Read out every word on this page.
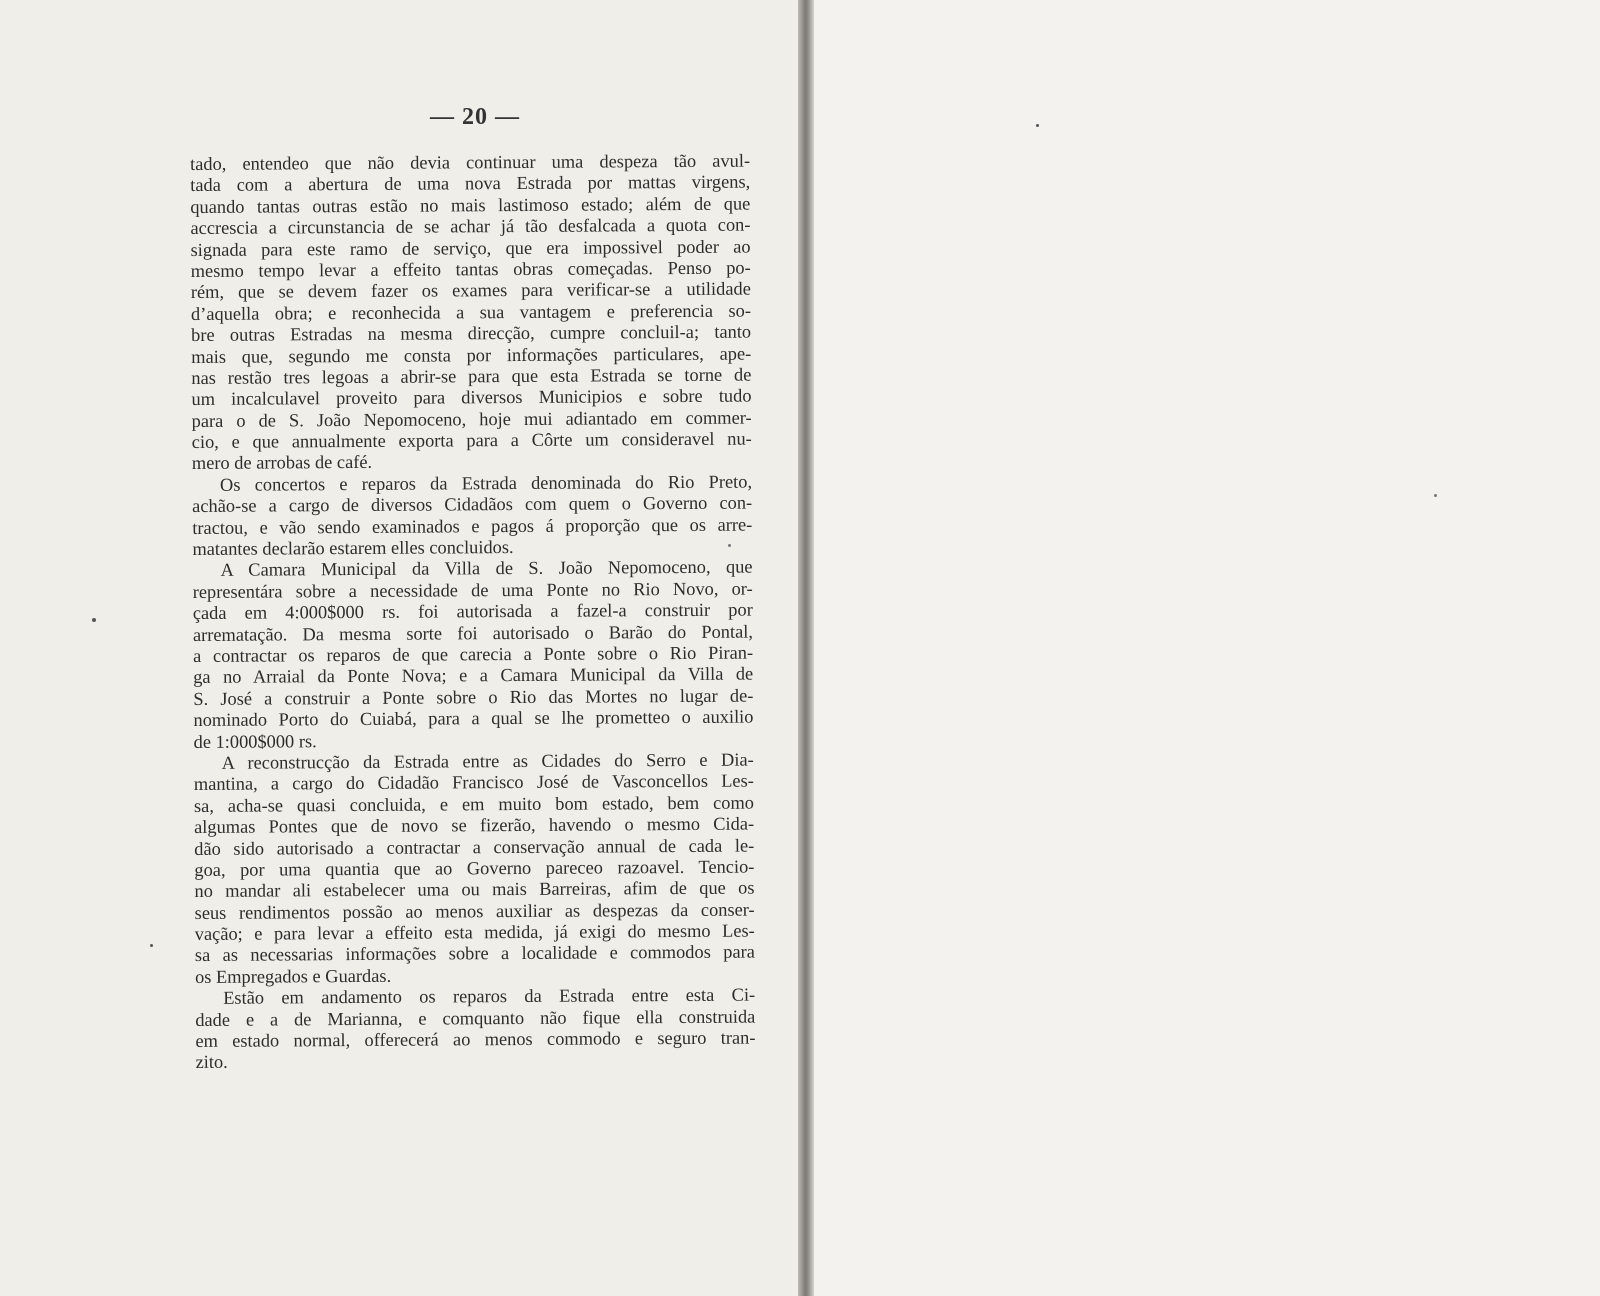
— 20 —
tado, entendeo que não devia continuar uma despeza tão avul-
tada com a abertura de uma nova Estrada por mattas virgens,
quando tantas outras estão no mais lastimoso estado; além de que
accrescia a circunstancia de se achar já tão desfalcada a quota con-
signada para este ramo de serviço, que era impossivel poder ao
mesmo tempo levar a effeito tantas obras começadas. Penso po-
rém, que se devem fazer os exames para verificar-se a utilidade
d’aquella obra; e reconhecida a sua vantagem e preferencia so-
bre outras Estradas na mesma direcção, cumpre concluil-a; tanto
mais que, segundo me consta por informações particulares, ape-
nas restão tres legoas a abrir-se para que esta Estrada se torne de
um incalculavel proveito para diversos Municipios e sobre tudo
para o de S. João Nepomoceno, hoje mui adiantado em commer-
cio, e que annualmente exporta para a Côrte um consideravel nu-
mero de arrobas de café.
Os concertos e reparos da Estrada denominada do Rio Preto,
achão-se a cargo de diversos Cidadãos com quem o Governo con-
tractou, e vão sendo examinados e pagos á proporção que os arre-
matantes declarão estarem elles concluidos.
A Camara Municipal da Villa de S. João Nepomoceno, que
representára sobre a necessidade de uma Ponte no Rio Novo, or-
çada em 4:000$000 rs. foi autorisada a fazel-a construir por
arrematação. Da mesma sorte foi autorisado o Barão do Pontal,
a contractar os reparos de que carecia a Ponte sobre o Rio Piran-
ga no Arraial da Ponte Nova; e a Camara Municipal da Villa de
S. José a construir a Ponte sobre o Rio das Mortes no lugar de-
nominado Porto do Cuiabá, para a qual se lhe prometteo o auxilio
de 1:000$000 rs.
A reconstrucção da Estrada entre as Cidades do Serro e Dia-
mantina, a cargo do Cidadão Francisco José de Vasconcellos Les-
sa, acha-se quasi concluida, e em muito bom estado, bem como
algumas Pontes que de novo se fizerão, havendo o mesmo Cida-
dão sido autorisado a contractar a conservação annual de cada le-
goa, por uma quantia que ao Governo pareceo razoavel. Tencio-
no mandar ali estabelecer uma ou mais Barreiras, afim de que os
seus rendimentos possão ao menos auxiliar as despezas da conser-
vação; e para levar a effeito esta medida, já exigi do mesmo Les-
sa as necessarias informações sobre a localidade e commodos para
os Empregados e Guardas.
Estão em andamento os reparos da Estrada entre esta Ci-
dade e a de Marianna, e comquanto não fique ella construida
em estado normal, offerecerá ao menos commodo e seguro tran-
zito.
